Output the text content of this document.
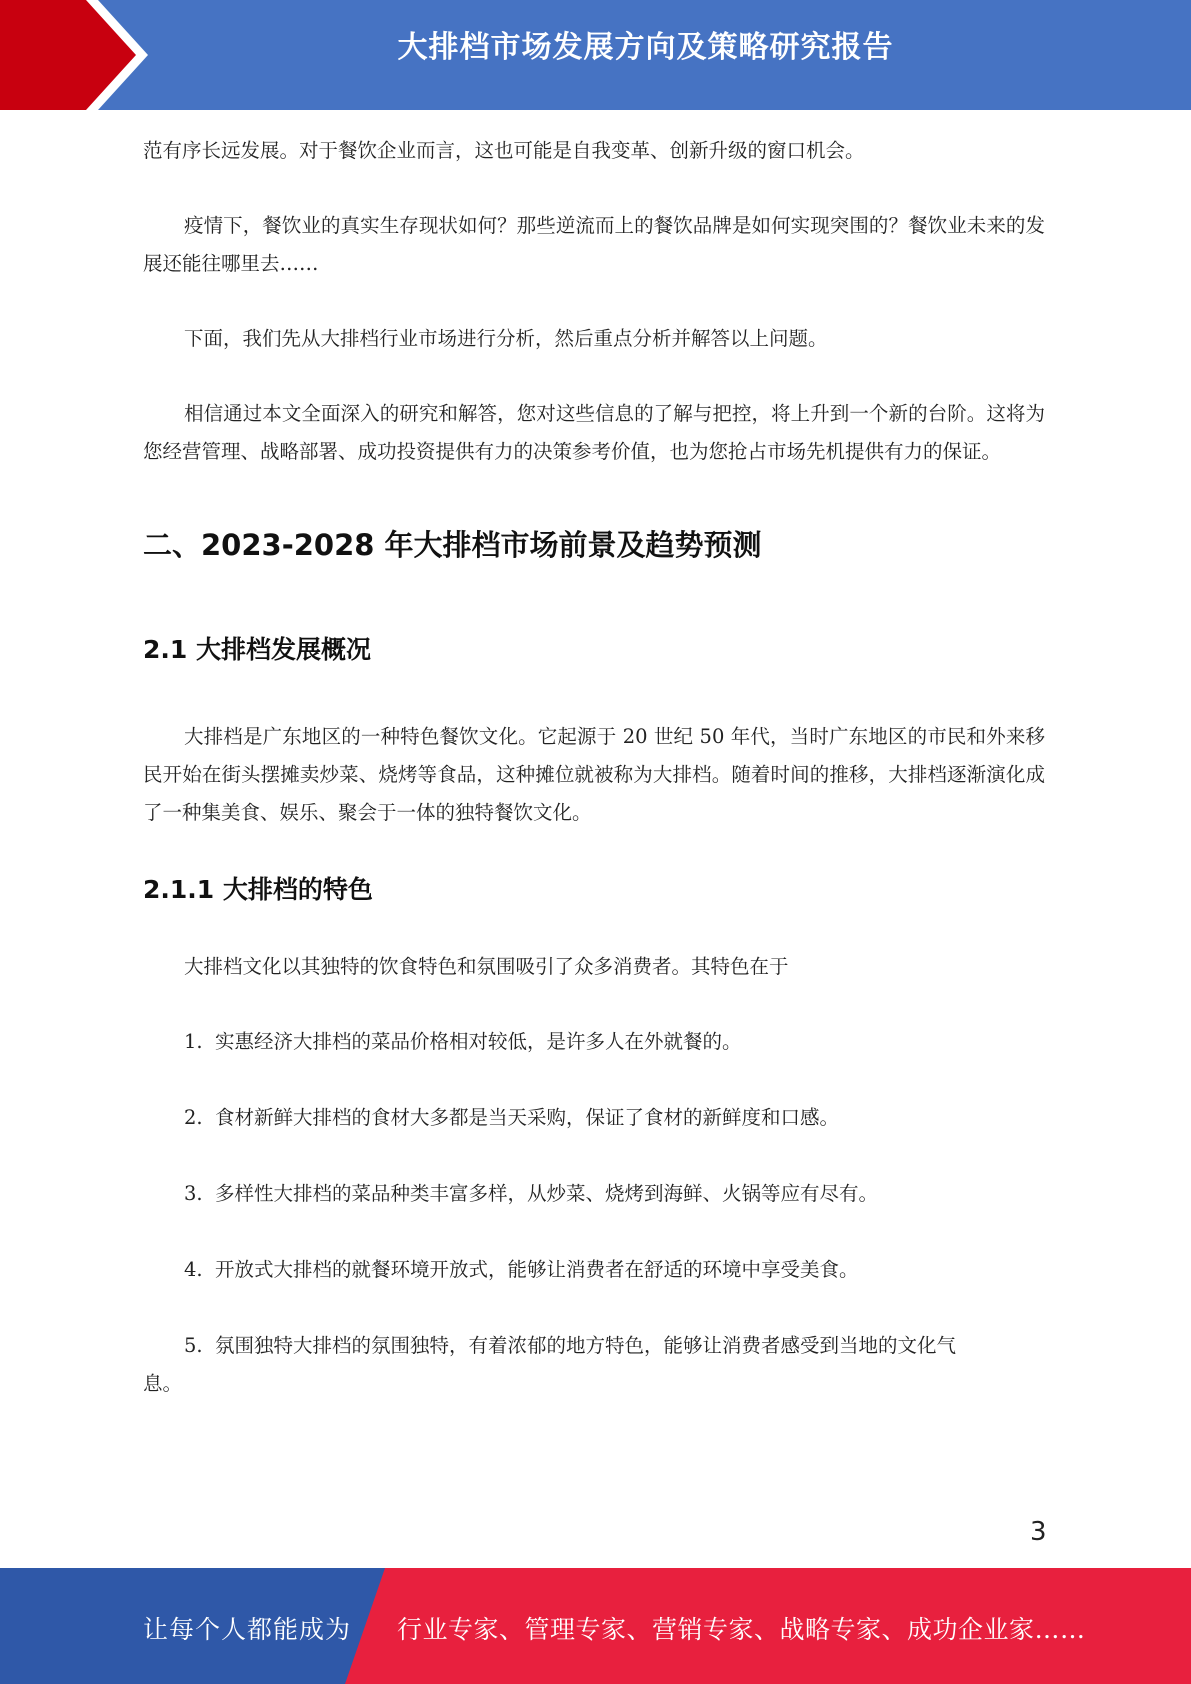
大排档市场发展方向及策略研究报告

范有序长远发展。对于餐饮企业而言，这也可能是自我变革、创新升级的窗口机会。

疫情下，餐饮业的真实生存现状如何？那些逆流而上的餐饮品牌是如何实现突围的？餐饮业未来的发展还能往哪里去……

下面，我们先从大排档行业市场进行分析，然后重点分析并解答以上问题。

相信通过本文全面深入的研究和解答，您对这些信息的了解与把控，将上升到一个新的台阶。这将为您经营管理、战略部署、成功投资提供有力的决策参考价值，也为您抢占市场先机提供有力的保证。

二、2023-2028 年大排档市场前景及趋势预测
2.1 大排档发展概况

大排档是广东地区的一种特色餐饮文化。它起源于 20 世纪 50 年代，当时广东地区的市民和外来移民开始在街头摆摊卖炒菜、烧烤等食品，这种摊位就被称为大排档。随着时间的推移，大排档逐渐演化成了一种集美食、娱乐、聚会于一体的独特餐饮文化。

2.1.1 大排档的特色

大排档文化以其独特的饮食特色和氛围吸引了众多消费者。其特色在于

1. 实惠经济大排档的菜品价格相对较低，是许多人在外就餐的。

2. 食材新鲜大排档的食材大多都是当天采购，保证了食材的新鲜度和口感。

3. 多样性大排档的菜品种类丰富多样，从炒菜、烧烤到海鲜、火锅等应有尽有。

4. 开放式大排档的就餐环境开放式，能够让消费者在舒适的环境中享受美食。

5. 氛围独特大排档的氛围独特，有着浓郁的地方特色，能够让消费者感受到当地的文化气

息。

3
让每个人都能成为 行业专家、管理专家、营销专家、战略专家、成功企业家……
